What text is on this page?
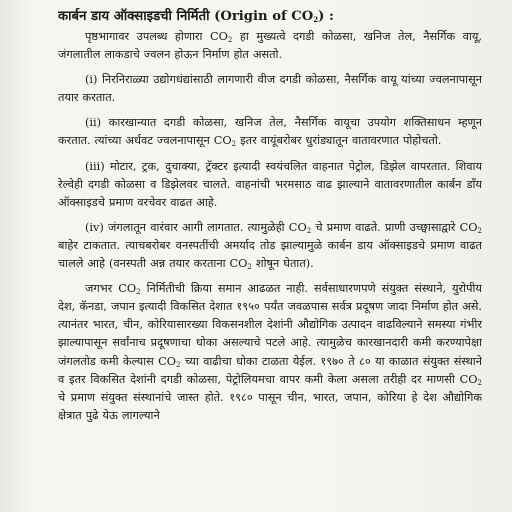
कार्बन डाय ऑक्साइडची निर्मिती (Origin of $CO_2$) :

पृष्ठभागावर उपलब्ध होणारा $CO_2$ हा मुख्यत्वे दगडी कोळसा, खनिज तेल, नैसर्गिक वायू, जंगलातील लाकडाचे ज्वलन होऊन निर्माण होत असतो.

(i) निरनिराळ्या उद्योगधंद्यांसाठी लागणारी वीज दगडी कोळसा, नैसर्गिक वायू यांच्या ज्वलनापासून तयार करतात.

(ii) कारखान्यात दगडी कोळसा, खनिज तेल, नैसर्गिक वायूचा उपयोग शक्तिसाधन म्हणून करतात. त्यांच्या अर्धवट ज्वलनापासून $CO_2$ इतर वायूंबरोबर धुरांड्यातून वातावरणात पोहोचतो.

(iii) मोटार, ट्रक, दुचाक्या, ट्रॅक्टर इत्यादी स्वयंचलित वाहनात पेट्रोल, डिझेल वापरतात. शिवाय रेल्वेही दगडी कोळसा व डिझेलवर चालते. वाहनांची भरमसाठ वाढ झाल्याने वातावरणातील कार्बन डाँय ऑक्साइडचे प्रमाण वरचेवर वाढत आहे.

(iv) जंगलातून वारंवार आगी लागतात. त्यामुळेही $CO_2$ चे प्रमाण वाढते. प्राणी उच्छ्वासाद्वारे $CO_2$ बाहेर टाकतात. त्याचबरोबर वनस्पतींची अमर्याद तोड झाल्यामुळे कार्बन डाय ऑक्साइडचे प्रमाण वाढत चालले आहे (वनस्पती अन्न तयार करताना $CO_2$ शोषून घेतात).

जगभर $CO_2$ निर्मितीची क्रिया समान आढळत नाही. सर्वसाधारणपणे संयुक्त संस्थाने, युरोपीय देश, कॅनडा, जपान इत्यादी विकसित देशात १९५० पर्यंत जवळपास सर्वत्र प्रदूषण जादा निर्माण होत असे. त्यानंतर भारत, चीन, कोरियासारख्या विकसनशील देशांनी औद्योगिक उत्पादन वाढविल्याने समस्या गंभीर झाल्यापासून सर्वांनाच प्रदूषणाचा धोका असल्याचे पटले आहे. त्यामुळेच कारखानदारी कमी करण्यापेक्षा जंगलतोड कमी केल्यास $CO_2$ च्या वाढीचा धोका टाळता येईल. १९७० ते ८० या काळात संयुक्त संस्थाने व इतर विकसित देशांनी दगडी कोळसा, पेट्रोलियमचा वापर कमी केला असला तरीही दर माणसी $CO_2$ चे प्रमाण संयुक्त संस्थानांचे जास्त होते. १९८० पासून चीन, भारत, जपान, कोरिया हे देश औद्योगिक क्षेत्रात पुढे येऊ लागल्याने
